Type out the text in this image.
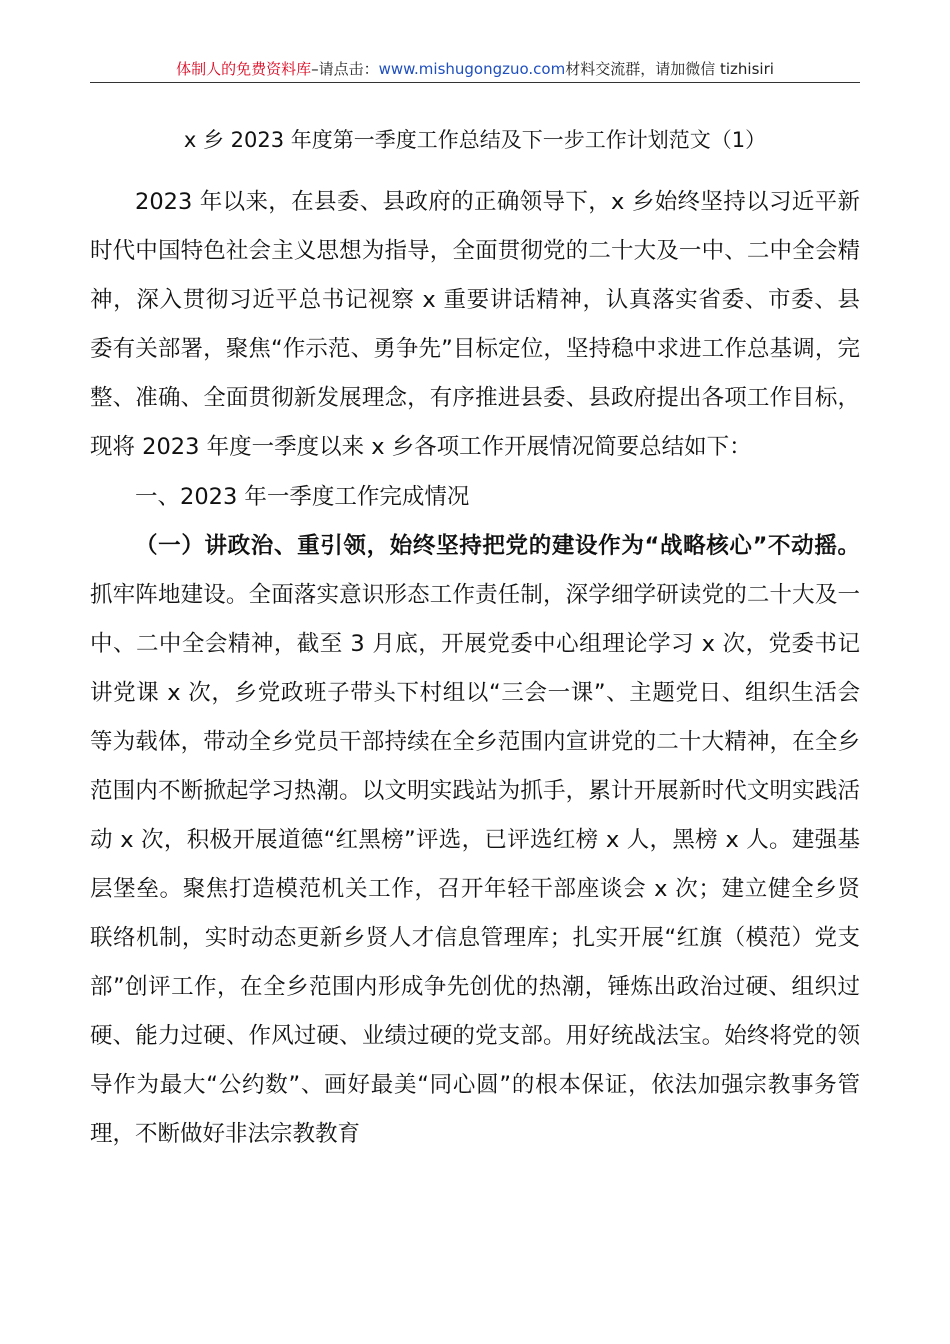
体制人的免费资料库–请点击：www.mishugongzuo.com材料交流群，请加微信 tizhisiri
x 乡 2023 年度第一季度工作总结及下一步工作计划范文（1）

2023 年以来，在县委、县政府的正确领导下，x 乡始终坚持以习近平新时代中国特色社会主义思想为指导，全面贯彻党的二十大及一中、二中全会精神，深入贯彻习近平总书记视察 x 重要讲话精神，认真落实省委、市委、县委有关部署，聚焦“作示范、勇争先”目标定位，坚持稳中求进工作总基调，完整、准确、全面贯彻新发展理念，有序推进县委、县政府提出各项工作目标，现将 2023 年度一季度以来 x 乡各项工作开展情况简要总结如下：

一、2023 年一季度工作完成情况

（一）讲政治、重引领，始终坚持把党的建设作为“战略核心”不动摇。抓牢阵地建设。全面落实意识形态工作责任制，深学细学研读党的二十大及一中、二中全会精神，截至 3 月底，开展党委中心组理论学习 x 次，党委书记讲党课 x 次，乡党政班子带头下村组以“三会一课”、主题党日、组织生活会等为载体，带动全乡党员干部持续在全乡范围内宣讲党的二十大精神，在全乡范围内不断掀起学习热潮。以文明实践站为抓手，累计开展新时代文明实践活动 x 次，积极开展道德“红黑榜”评选，已评选红榜 x 人，黑榜 x 人。建强基层堡垒。聚焦打造模范机关工作，召开年轻干部座谈会 x 次；建立健全乡贤联络机制，实时动态更新乡贤人才信息管理库；扎实开展“红旗（模范）党支部”创评工作，在全乡范围内形成争先创优的热潮，锤炼出政治过硬、组织过硬、能力过硬、作风过硬、业绩过硬的党支部。用好统战法宝。始终将党的领导作为最大“公约数”、画好最美“同心圆”的根本保证，依法加强宗教事务管理，不断做好非法宗教教育
